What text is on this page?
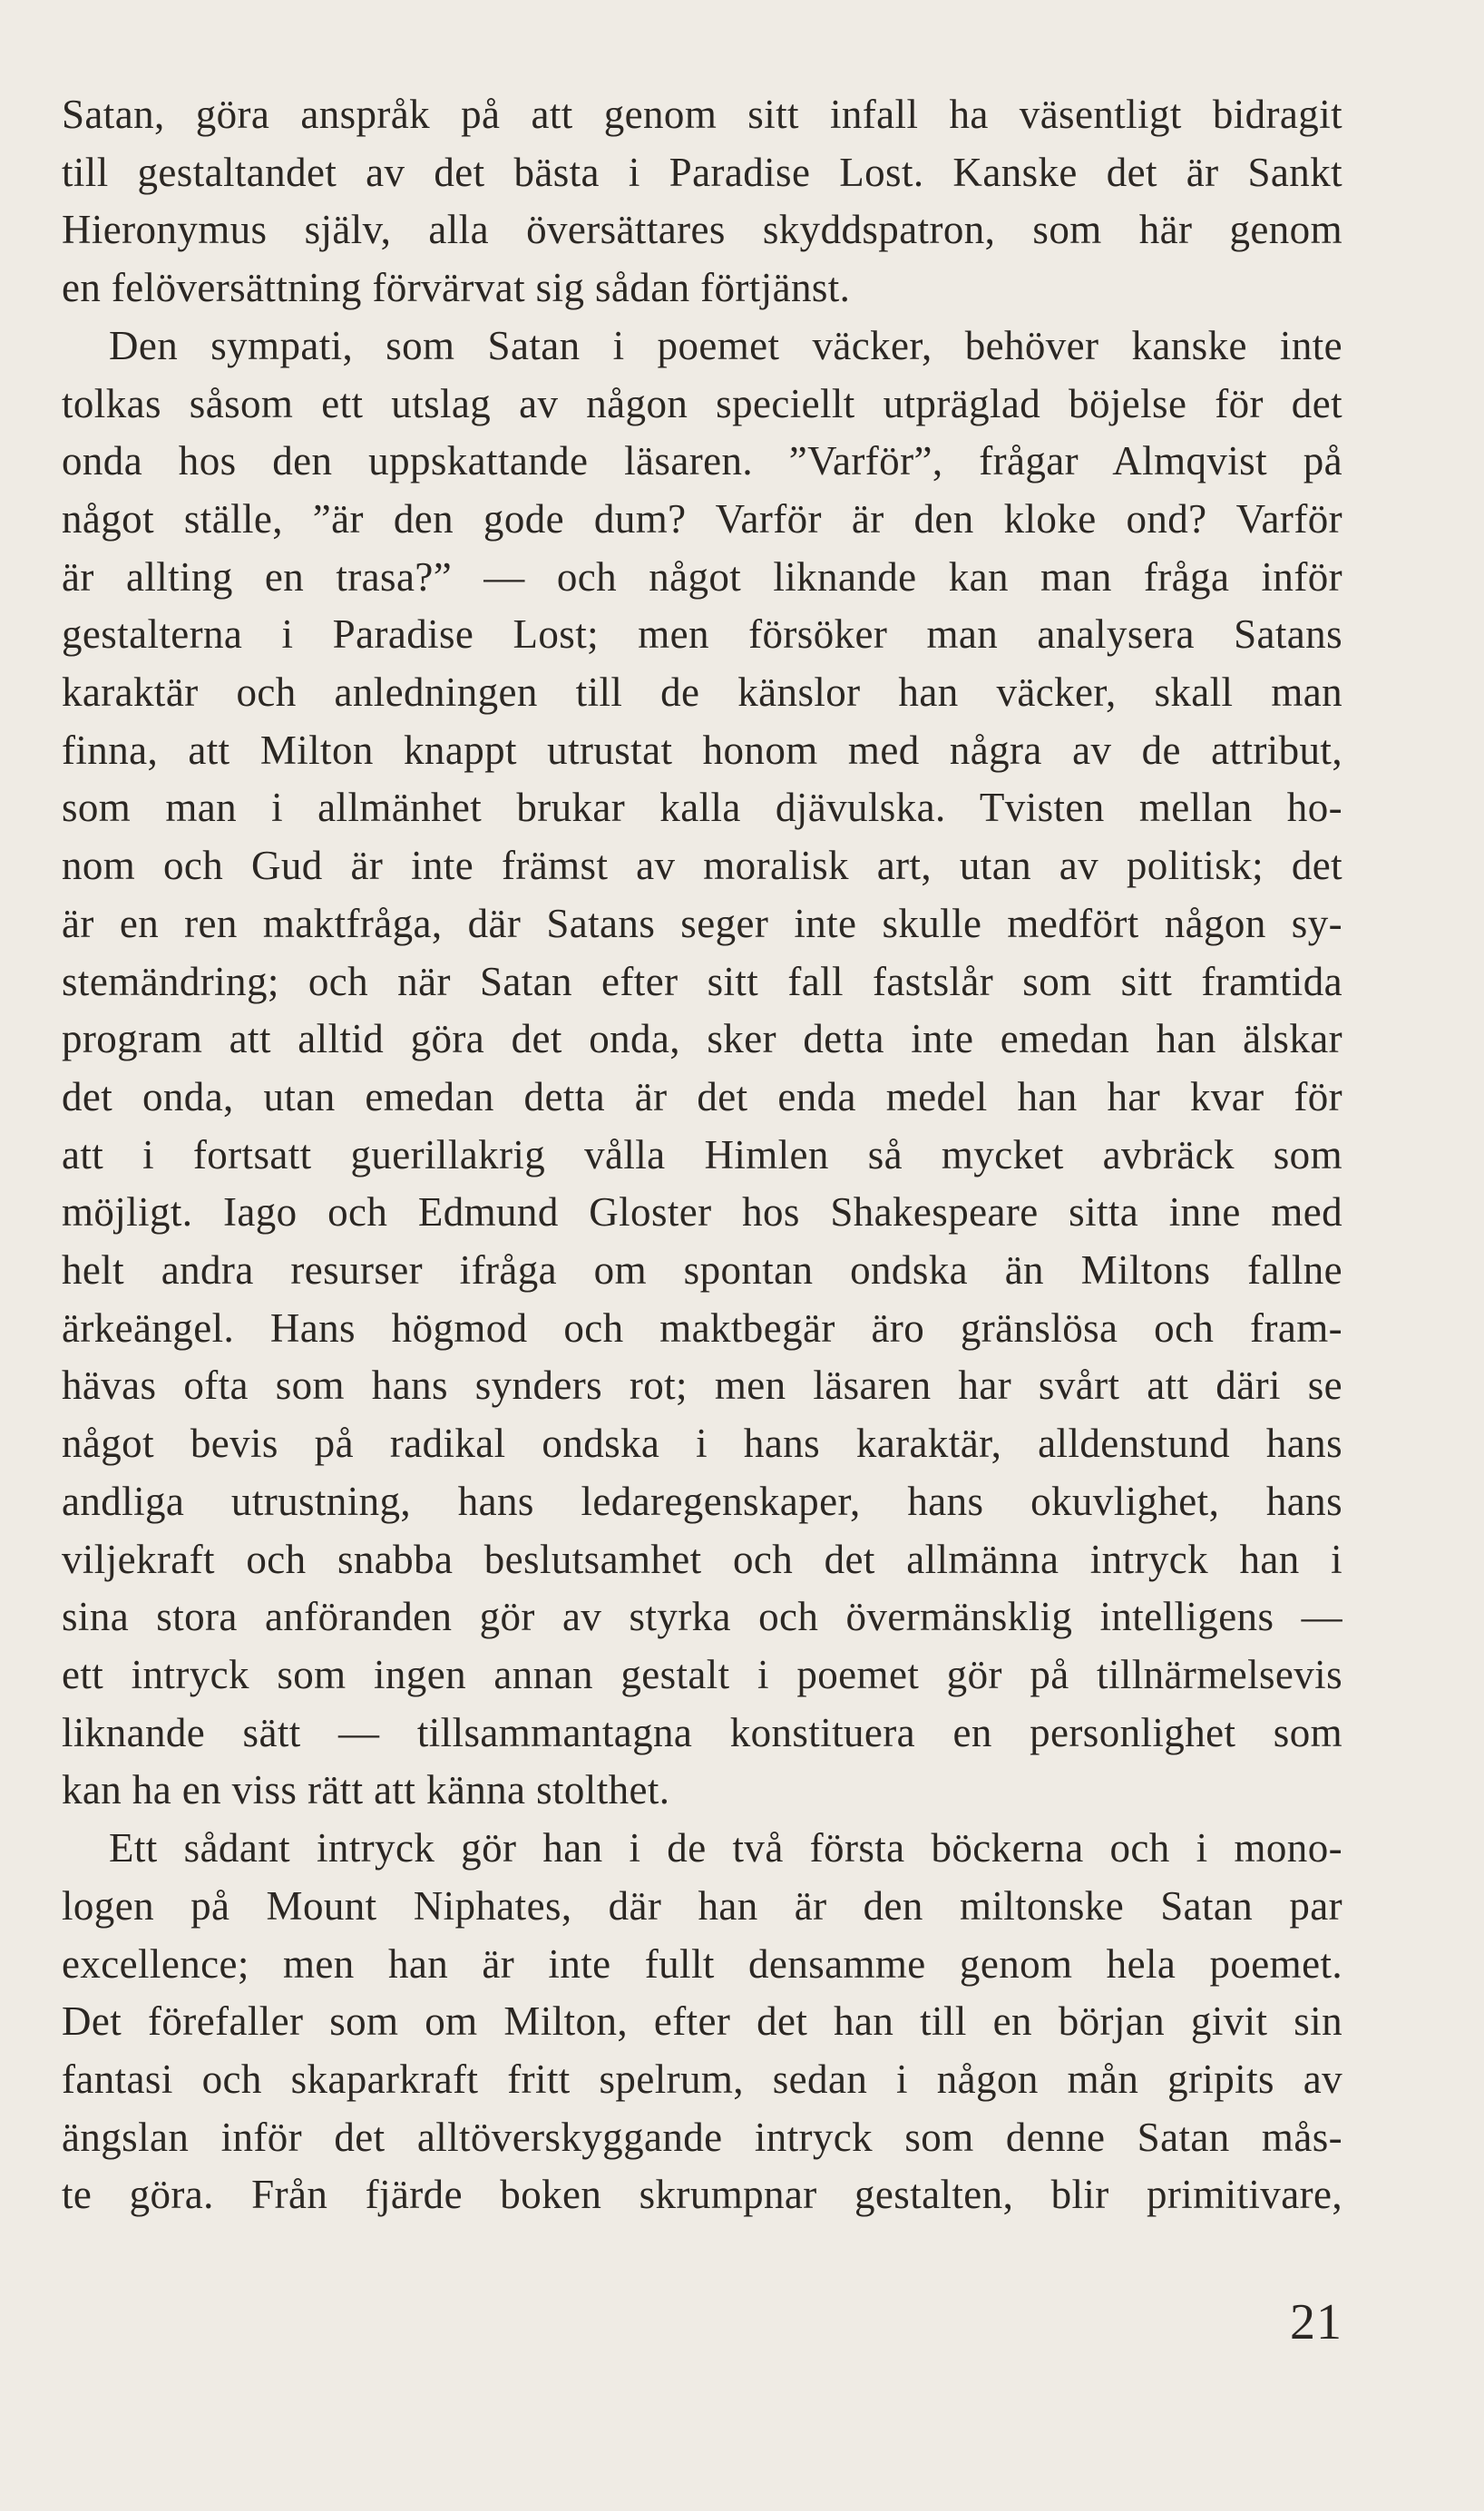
Satan, göra anspråk på att genom sitt infall ha väsentligt bidragit
till gestaltandet av det bästa i Paradise Lost. Kanske det är Sankt
Hieronymus själv, alla översättares skyddspatron, som här genom
en felöversättning förvärvat sig sådan förtjänst.
Den sympati, som Satan i poemet väcker, behöver kanske inte
tolkas såsom ett utslag av någon speciellt utpräglad böjelse för det
onda hos den uppskattande läsaren. ”Varför”, frågar Almqvist på
något ställe, ”är den gode dum? Varför är den kloke ond? Varför
är allting en trasa?” — och något liknande kan man fråga inför
gestalterna i Paradise Lost; men försöker man analysera Satans
karaktär och anledningen till de känslor han väcker, skall man
finna, att Milton knappt utrustat honom med några av de attribut,
som man i allmänhet brukar kalla djävulska. Tvisten mellan ho-
nom och Gud är inte främst av moralisk art, utan av politisk; det
är en ren maktfråga, där Satans seger inte skulle medfört någon sy-
stemändring; och när Satan efter sitt fall fastslår som sitt framtida
program att alltid göra det onda, sker detta inte emedan han älskar
det onda, utan emedan detta är det enda medel han har kvar för
att i fortsatt guerillakrig vålla Himlen så mycket avbräck som
möjligt. Iago och Edmund Gloster hos Shakespeare sitta inne med
helt andra resurser ifråga om spontan ondska än Miltons fallne
ärkeängel. Hans högmod och maktbegär äro gränslösa och fram-
hävas ofta som hans synders rot; men läsaren har svårt att däri se
något bevis på radikal ondska i hans karaktär, alldenstund hans
andliga utrustning, hans ledaregenskaper, hans okuvlighet, hans
viljekraft och snabba beslutsamhet och det allmänna intryck han i
sina stora anföranden gör av styrka och övermänsklig intelligens —
ett intryck som ingen annan gestalt i poemet gör på tillnärmelsevis
liknande sätt — tillsammantagna konstituera en personlighet som
kan ha en viss rätt att känna stolthet.
Ett sådant intryck gör han i de två första böckerna och i mono-
logen på Mount Niphates, där han är den miltonske Satan par
excellence; men han är inte fullt densamme genom hela poemet.
Det förefaller som om Milton, efter det han till en början givit sin
fantasi och skaparkraft fritt spelrum, sedan i någon mån gripits av
ängslan inför det alltöverskyggande intryck som denne Satan mås-
te göra. Från fjärde boken skrumpnar gestalten, blir primitivare,
21
